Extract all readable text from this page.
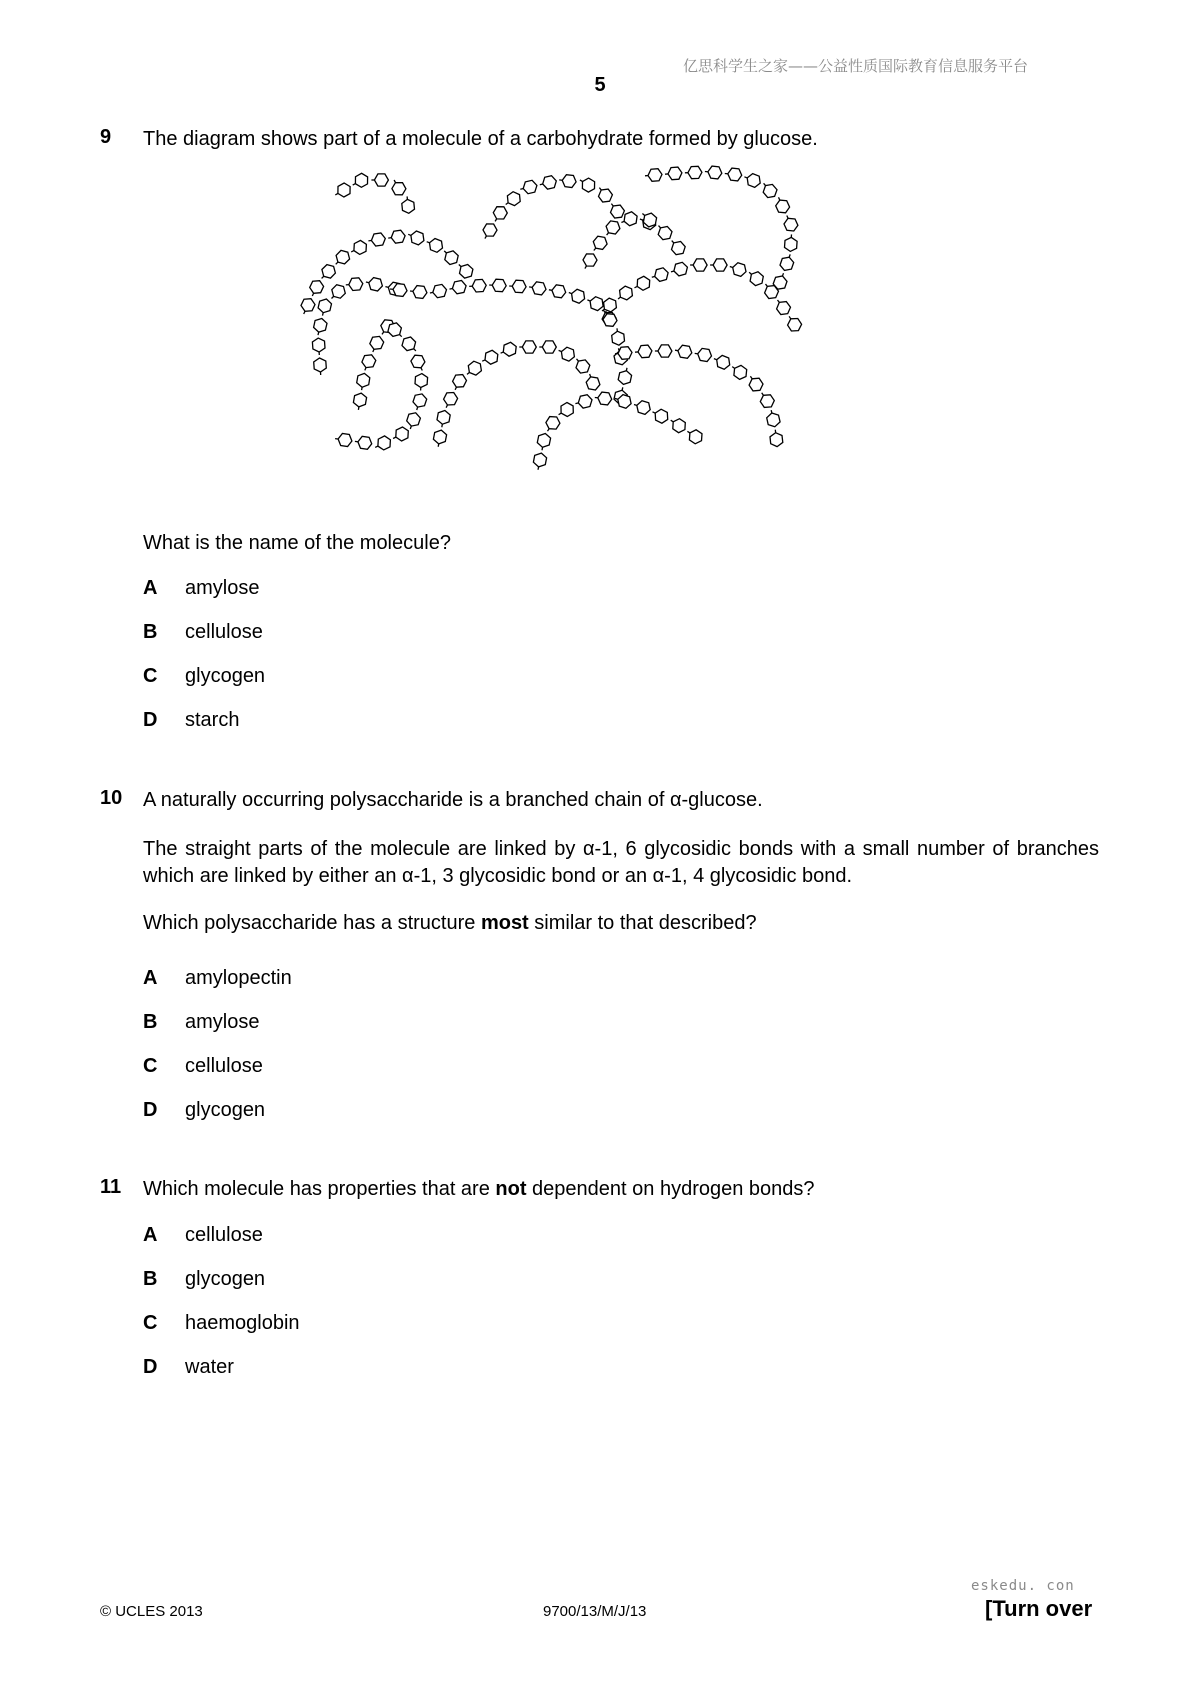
亿思科学生之家——公益性质国际教育信息服务平台
5
9 The diagram shows part of a molecule of a carbohydrate formed by glucose.
What is the name of the molecule?
A amylose
B cellulose
C glycogen
D starch
10 A naturally occurring polysaccharide is a branched chain of α-glucose.
The straight parts of the molecule are linked by α-1, 6 glycosidic bonds with a small number of branches which are linked by either an α-1, 3 glycosidic bond or an α-1, 4 glycosidic bond.
Which polysaccharide has a structure most similar to that described?
A amylopectin
B amylose
C cellulose
D glycogen
11 Which molecule has properties that are not dependent on hydrogen bonds?
A cellulose
B glycogen
C haemoglobin
D water
eskedu. con
© UCLES 2013	9700/13/M/J/13	[Turn over
